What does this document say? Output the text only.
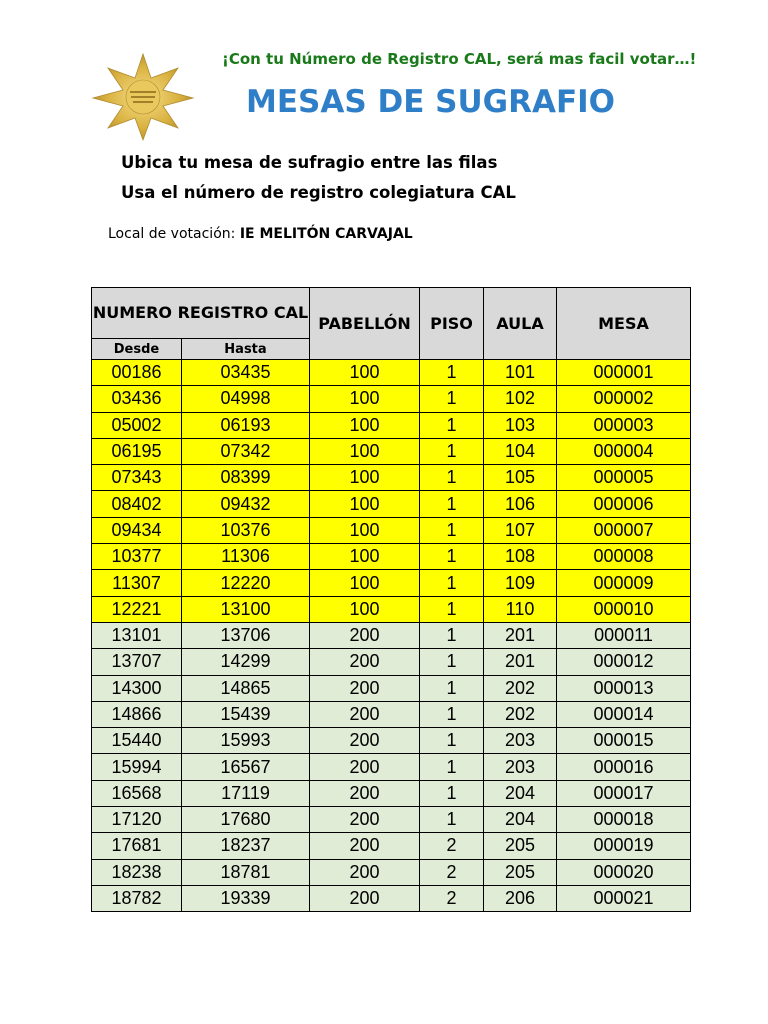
¡Con tu Número de Registro CAL, será mas facil votar…!
MESAS DE SUGRAFIO
Ubica tu mesa de sufragio entre las filas
Usa el número de registro colegiatura CAL
Local de votación: IE MELITÓN CARVAJAL
NUMERO REGISTRO CAL		PABELLÓN	PISO	AULA	MESA
Desde	Hasta				
00186	03435	100	1	101	000001
03436	04998	100	1	102	000002
05002	06193	100	1	103	000003
06195	07342	100	1	104	000004
07343	08399	100	1	105	000005
08402	09432	100	1	106	000006
09434	10376	100	1	107	000007
10377	11306	100	1	108	000008
11307	12220	100	1	109	000009
12221	13100	100	1	110	000010
13101	13706	200	1	201	000011
13707	14299	200	1	201	000012
14300	14865	200	1	202	000013
14866	15439	200	1	202	000014
15440	15993	200	1	203	000015
15994	16567	200	1	203	000016
16568	17119	200	1	204	000017
17120	17680	200	1	204	000018
17681	18237	200	2	205	000019
18238	18781	200	2	205	000020
18782	19339	200	2	206	000021
